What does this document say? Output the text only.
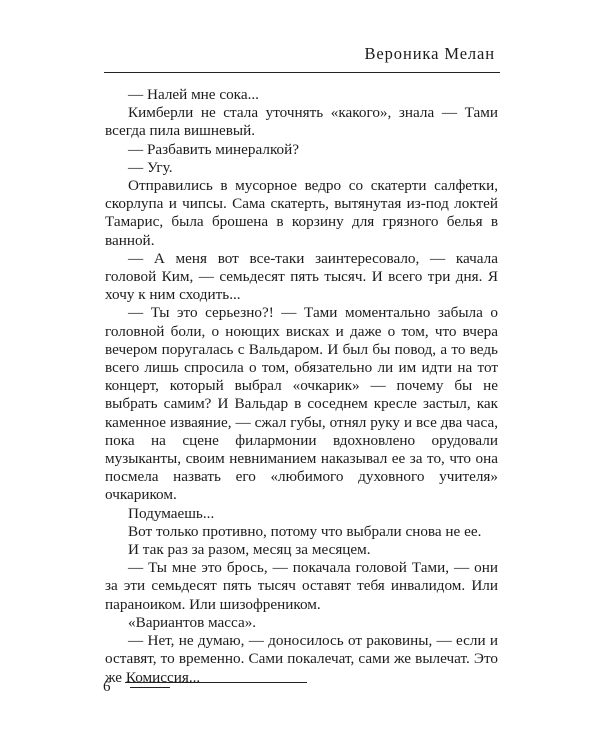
Вероника Мелан

— Налей мне сока...

Кимберли не стала уточнять «какого», знала — Тами всегда пила вишневый.

— Разбавить минералкой?

— Угу.

Отправились в мусорное ведро со скатерти салфетки, скорлупа и чипсы. Сама скатерть, вытянутая из-под локтей Тамарис, была брошена в корзину для грязного белья в ванной.

— А меня вот все-таки заинтересовало, — качала головой Ким, — семьдесят пять тысяч. И всего три дня. Я хочу к ним сходить...

— Ты это серьезно?! — Тами моментально забыла о головной боли, о ноющих висках и даже о том, что вчера вечером поругалась с Вальдаром. И был бы повод, а то ведь всего лишь спросила о том, обязательно ли им идти на тот концерт, который выбрал «очкарик» — почему бы не выбрать самим? И Вальдар в соседнем кресле застыл, как каменное изваяние, — сжал губы, отнял руку и все два часа, пока на сцене филармонии вдохновлено орудовали музыканты, своим невниманием наказывал ее за то, что она посмела назвать его «любимого духовного учителя» очкариком.

Подумаешь...

Вот только противно, потому что выбрали снова не ее.

И так раз за разом, месяц за месяцем.

— Ты мне это брось, — покачала головой Тами, — они за эти семьдесят пять тысяч оставят тебя инвалидом. Или параноиком. Или шизофреником.

«Вариантов масса».

— Нет, не думаю, — доносилось от раковины, — если и оставят, то временно. Сами покалечат, сами же вылечат. Это же Комиссия...

6
